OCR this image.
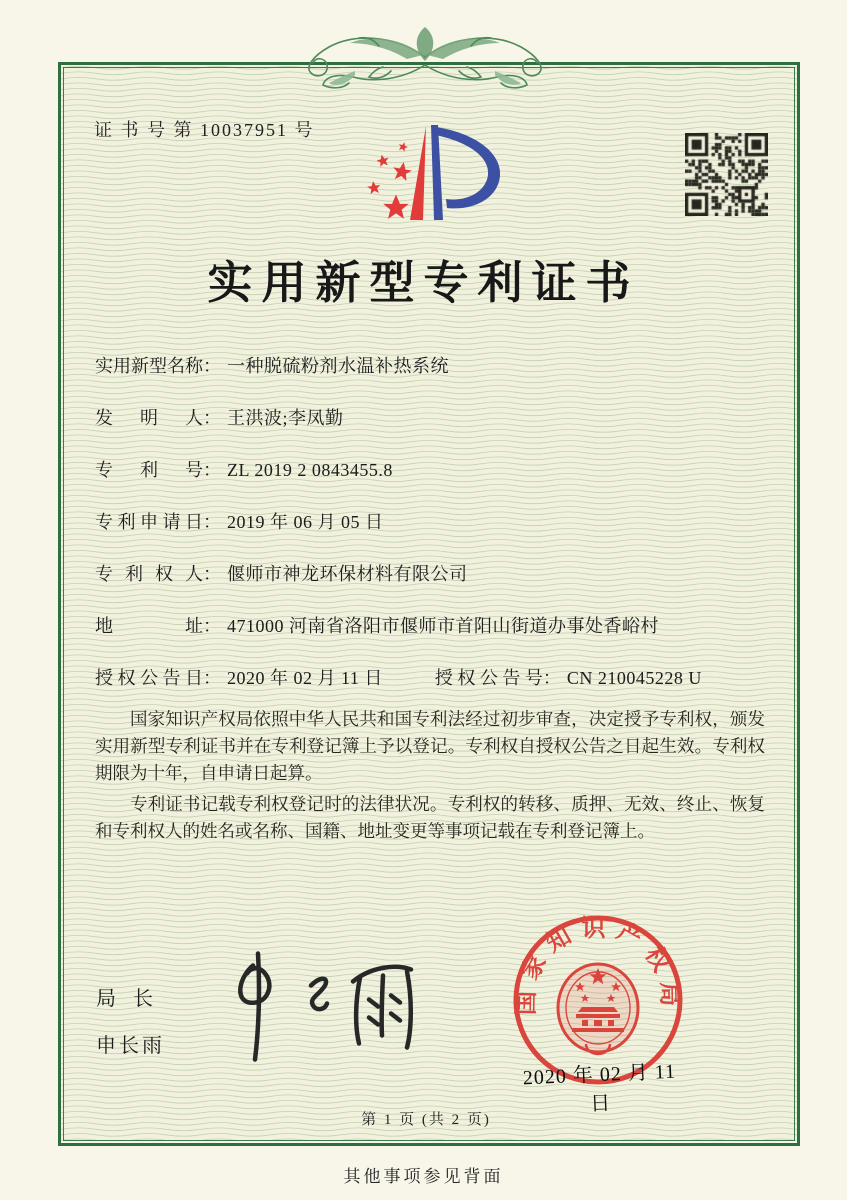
证 书 号 第 10037951 号
实用新型专利证书
实用新型名称 ： 一种脱硫粉剂水温补热系统
发明人 ： 王洪波;李凤勤
专利号 ： ZL 2019 2 0843455.8
专利申请日 ： 2019 年 06 月 05 日
专利权人 ： 偃师市神龙环保材料有限公司
地址 ： 471000 河南省洛阳市偃师市首阳山街道办事处香峪村
授权公告日 ： 2020 年 02 月 11 日	授权公告号 ： CN 210045228 U

国家知识产权局依照中华人民共和国专利法经过初步审查，决定授予专利权，颁发实用新型专利证书并在专利登记簿上予以登记。专利权自授权公告之日起生效。专利权期限为十年，自申请日起算。

专利证书记载专利权登记时的法律状况。专利权的转移、质押、无效、终止、恢复和专利权人的姓名或名称、国籍、地址变更等事项记载在专利登记簿上。

局长
申长雨
国家知识产权局
2020 年 02 月 11 日
第 1 页 (共 2 页)
其他事项参见背面
